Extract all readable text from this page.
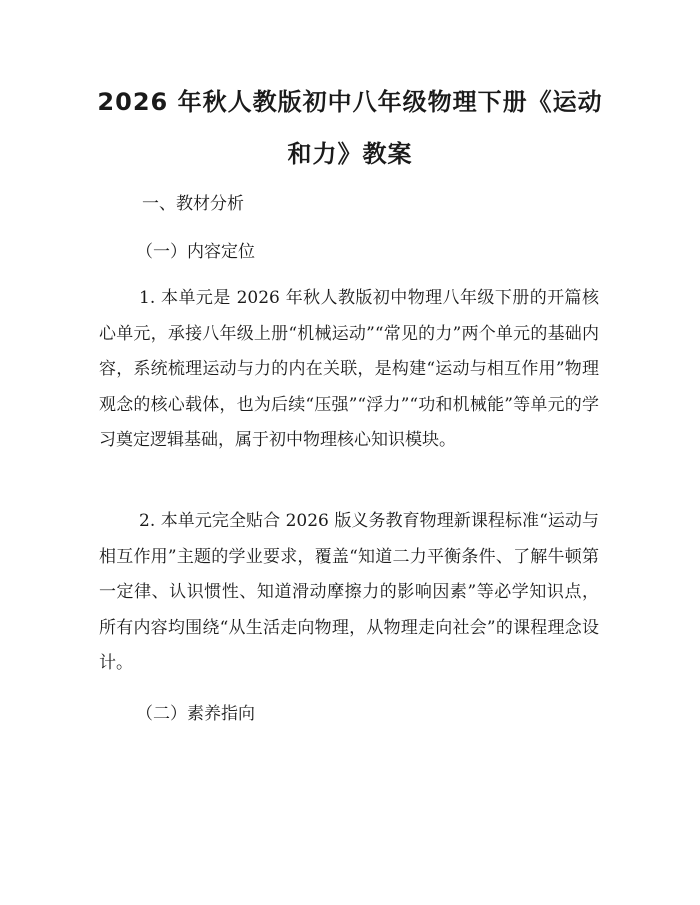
2026 年秋人教版初中八年级物理下册《运动和力》教案
一、教材分析
（一）内容定位
1. 本单元是 2026 年秋人教版初中物理八年级下册的开篇核心单元，承接八年级上册“机械运动”“常见的力”两个单元的基础内容，系统梳理运动与力的内在关联，是构建“运动与相互作用”物理观念的核心载体，也为后续“压强”“浮力”“功和机械能”等单元的学习奠定逻辑基础，属于初中物理核心知识模块。
2. 本单元完全贴合 2026 版义务教育物理新课程标准“运动与相互作用”主题的学业要求，覆盖“知道二力平衡条件、了解牛顿第一定律、认识惯性、知道滑动摩擦力的影响因素”等必学知识点，所有内容均围绕“从生活走向物理，从物理走向社会”的课程理念设计。
（二）素养指向
